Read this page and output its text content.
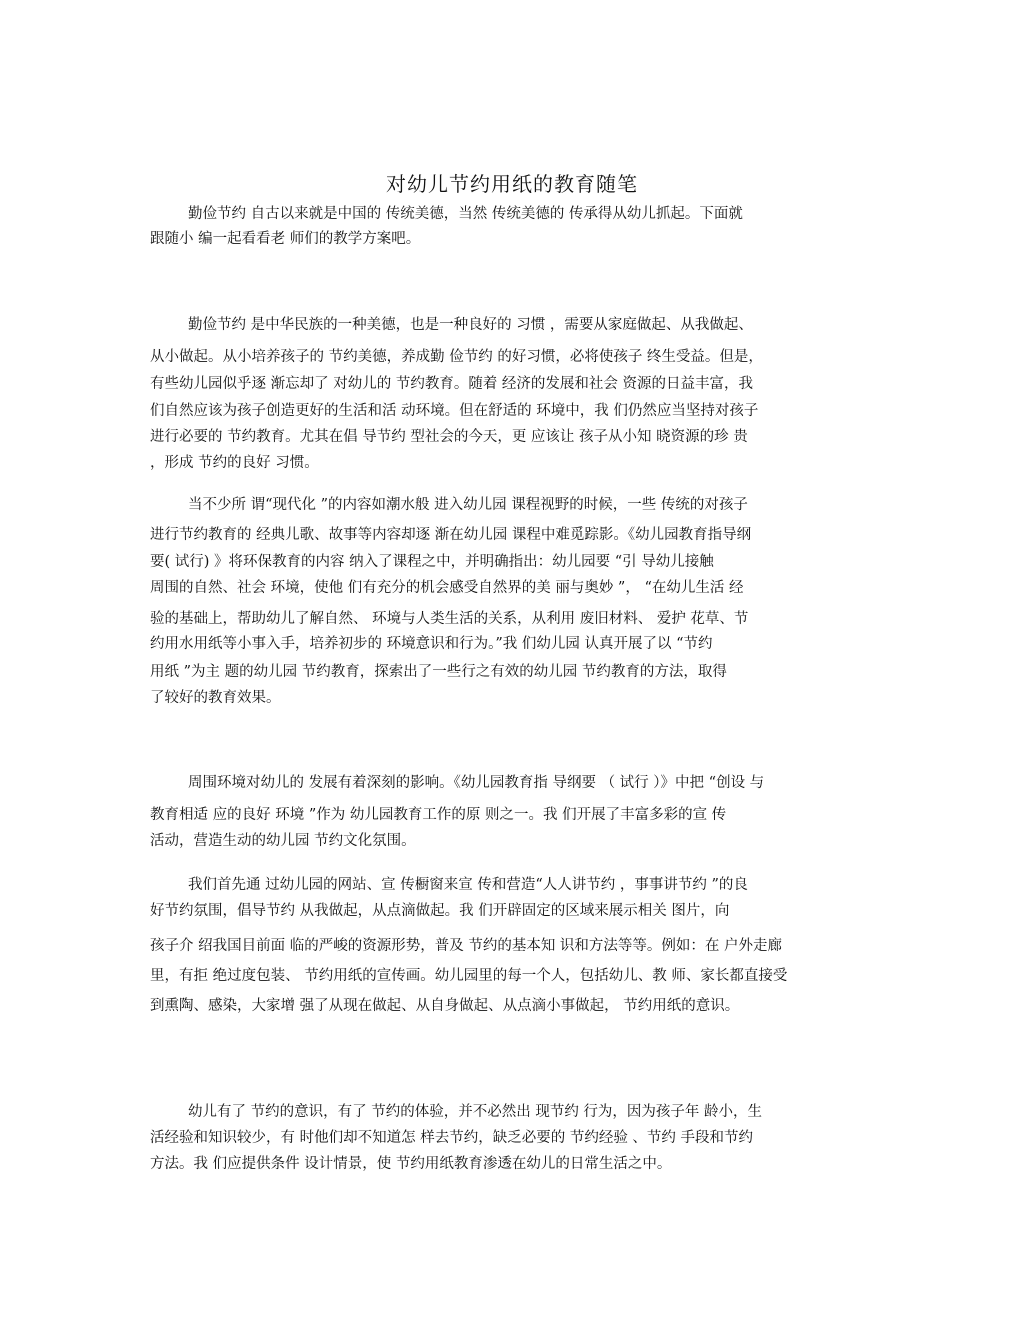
对幼儿节约用纸的教育随笔
勤俭节约 自古以来就是中国的 传统美德，当然 传统美德的 传承得从幼儿抓起。下面就
跟随小 编一起看看老 师们的教学方案吧。
勤俭节约 是中华民族的一种美德，也是一种良好的 习惯 ，需要从家庭做起、从我做起、
从小做起。从小培养孩子的 节约美德，养成勤 俭节约 的好习惯，必将使孩子 终生受益。但是，
有些幼儿园似乎逐 渐忘却了 对幼儿的 节约教育。随着 经济的发展和社会 资源的日益丰富，我
们自然应该为孩子创造更好的生活和活 动环境。但在舒适的 环境中，我 们仍然应当坚持对孩子
进行必要的 节约教育。尤其在倡 导节约 型社会的今天，更 应该让 孩子从小知 晓资源的珍 贵
，形成 节约的良好 习惯。
当不少所 谓“现代化 ”的内容如潮水般 进入幼儿园 课程视野的时候，一些 传统的对孩子
进行节约教育的 经典儿歌、故事等内容却逐 渐在幼儿园 课程中难觅踪影。《幼儿园教育指导纲
要( 试行) 》将环保教育的内容 纳入了课程之中，并明确指出：幼儿园要 “引 导幼儿接触
周围的自然、社会 环境，使他 们有充分的机会感受自然界的美 丽与奥妙 ”， “在幼儿生活 经
验的基础上，帮助幼儿了解自然、 环境与人类生活的关系，从利用 废旧材料、 爱护 花草、节
约用水用纸等小事入手，培养初步的 环境意识和行为。”我 们幼儿园 认真开展了以 “节约
用纸 ”为主 题的幼儿园 节约教育，探索出了一些行之有效的幼儿园 节约教育的方法，取得
了较好的教育效果。
周围环境对幼儿的 发展有着深刻的影响。《幼儿园教育指 导纲要 （ 试行 ）》中把 “创设 与
教育相适 应的良好 环境 ”作为 幼儿园教育工作的原 则之一。我 们开展了丰富多彩的宣 传
活动，营造生动的幼儿园 节约文化氛围。
我们首先通 过幼儿园的网站、宣 传橱窗来宣 传和营造“人人讲节约 ，事事讲节约 ”的良
好节约氛围，倡导节约 从我做起，从点滴做起。我 们开辟固定的区域来展示相关 图片，向
孩子介 绍我国目前面 临的严峻的资源形势，普及 节约的基本知 识和方法等等。例如：在 户外走廊
里，有拒 绝过度包装、 节约用纸的宣传画。幼儿园里的每一个人，包括幼儿、教 师、家长都直接受
到熏陶、感染，大家增 强了从现在做起、从自身做起、从点滴小事做起， 节约用纸的意识。
幼儿有了 节约的意识，有了 节约的体验，并不必然出 现节约 行为，因为孩子年 龄小，生
活经验和知识较少，有 时他们却不知道怎 样去节约，缺乏必要的 节约经验 、节约 手段和节约
方法。我 们应提供条件 设计情景，使 节约用纸教育渗透在幼儿的日常生活之中。
